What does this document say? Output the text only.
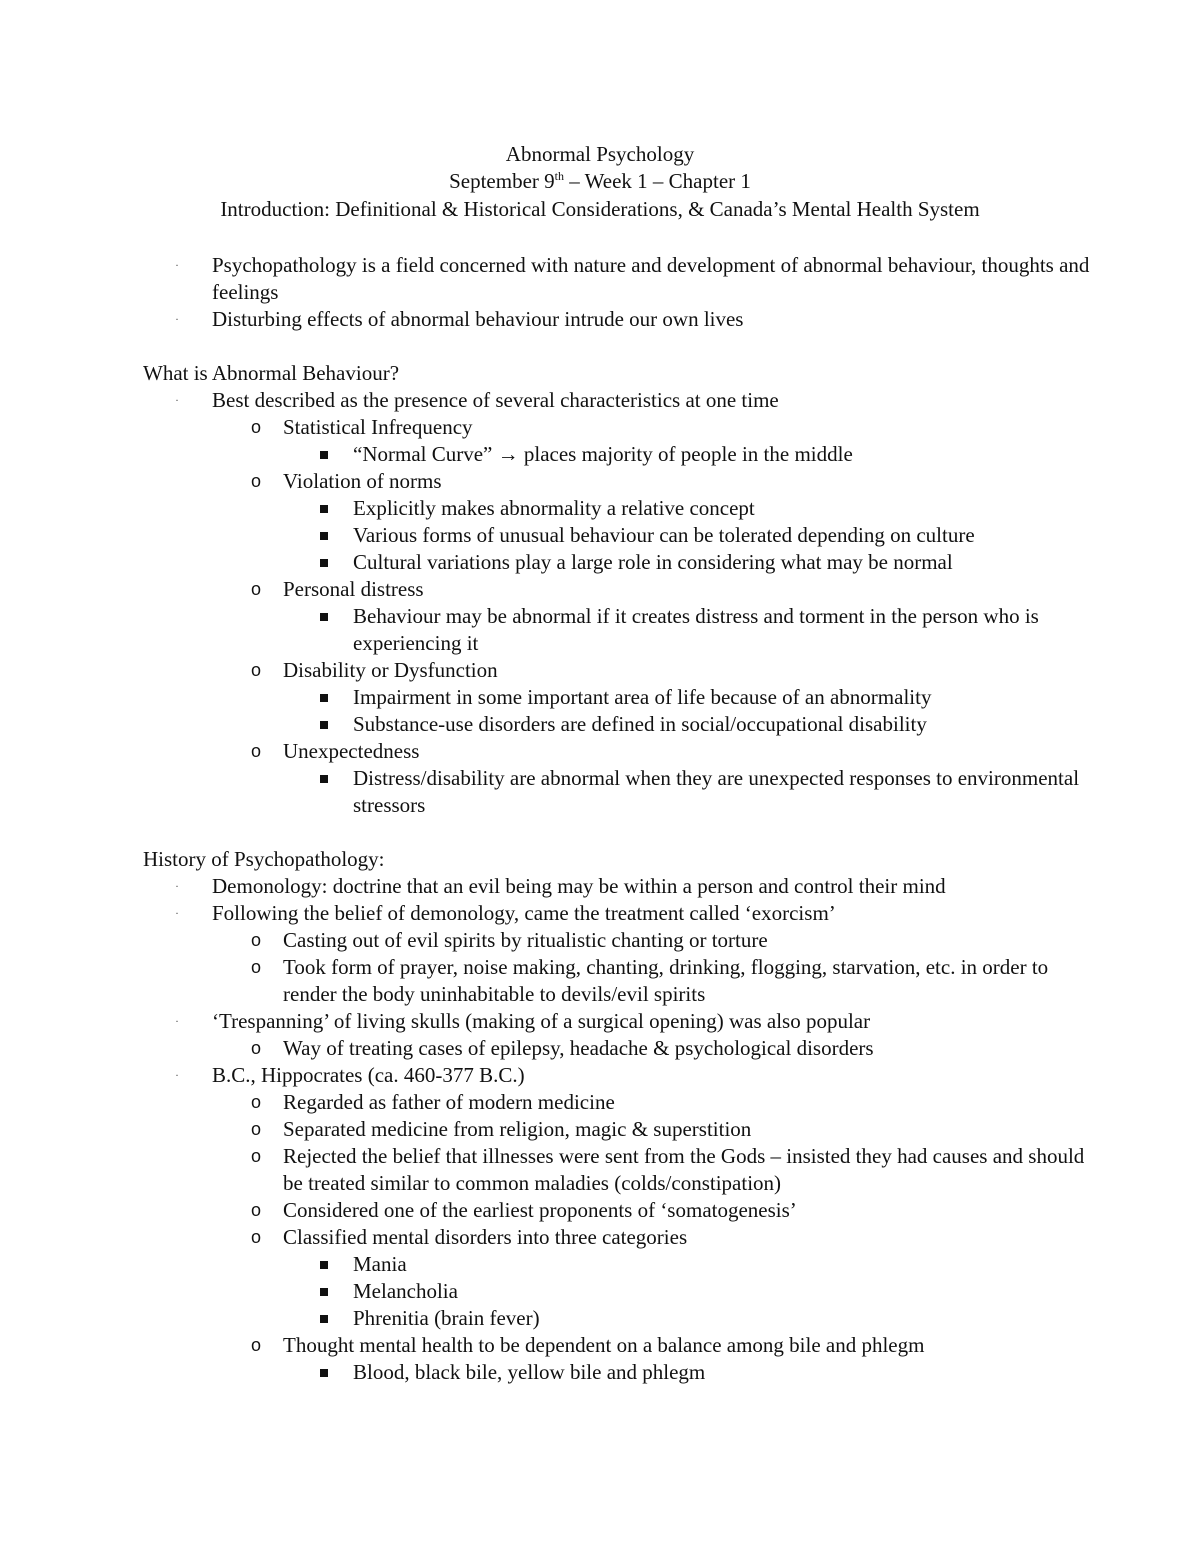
Abnormal Psychology
September 9th – Week 1 – Chapter 1
Introduction: Definitional & Historical Considerations, & Canada’s Mental Health System
· Psychopathology is a field concerned with nature and development of abnormal behaviour, thoughts and feelings
· Disturbing effects of abnormal behaviour intrude our own lives
What is Abnormal Behaviour?
· Best described as the presence of several characteristics at one time
o Statistical Infrequency
“Normal Curve” → places majority of people in the middle
o Violation of norms
Explicitly makes abnormality a relative concept
Various forms of unusual behaviour can be tolerated depending on culture
Cultural variations play a large role in considering what may be normal
o Personal distress
Behaviour may be abnormal if it creates distress and torment in the person who is experiencing it
o Disability or Dysfunction
Impairment in some important area of life because of an abnormality
Substance-use disorders are defined in social/occupational disability
o Unexpectedness
Distress/disability are abnormal when they are unexpected responses to environmental stressors
History of Psychopathology:
· Demonology: doctrine that an evil being may be within a person and control their mind
· Following the belief of demonology, came the treatment called ‘exorcism’
o Casting out of evil spirits by ritualistic chanting or torture
o Took form of prayer, noise making, chanting, drinking, flogging, starvation, etc. in order to render the body uninhabitable to devils/evil spirits
· ‘Trespanning’ of living skulls (making of a surgical opening) was also popular
o Way of treating cases of epilepsy, headache & psychological disorders
· B.C., Hippocrates (ca. 460-377 B.C.)
o Regarded as father of modern medicine
o Separated medicine from religion, magic & superstition
o Rejected the belief that illnesses were sent from the Gods – insisted they had causes and should be treated similar to common maladies (colds/constipation)
o Considered one of the earliest proponents of ‘somatogenesis’
o Classified mental disorders into three categories
Mania
Melancholia
Phrenitia (brain fever)
o Thought mental health to be dependent on a balance among bile and phlegm
Blood, black bile, yellow bile and phlegm
